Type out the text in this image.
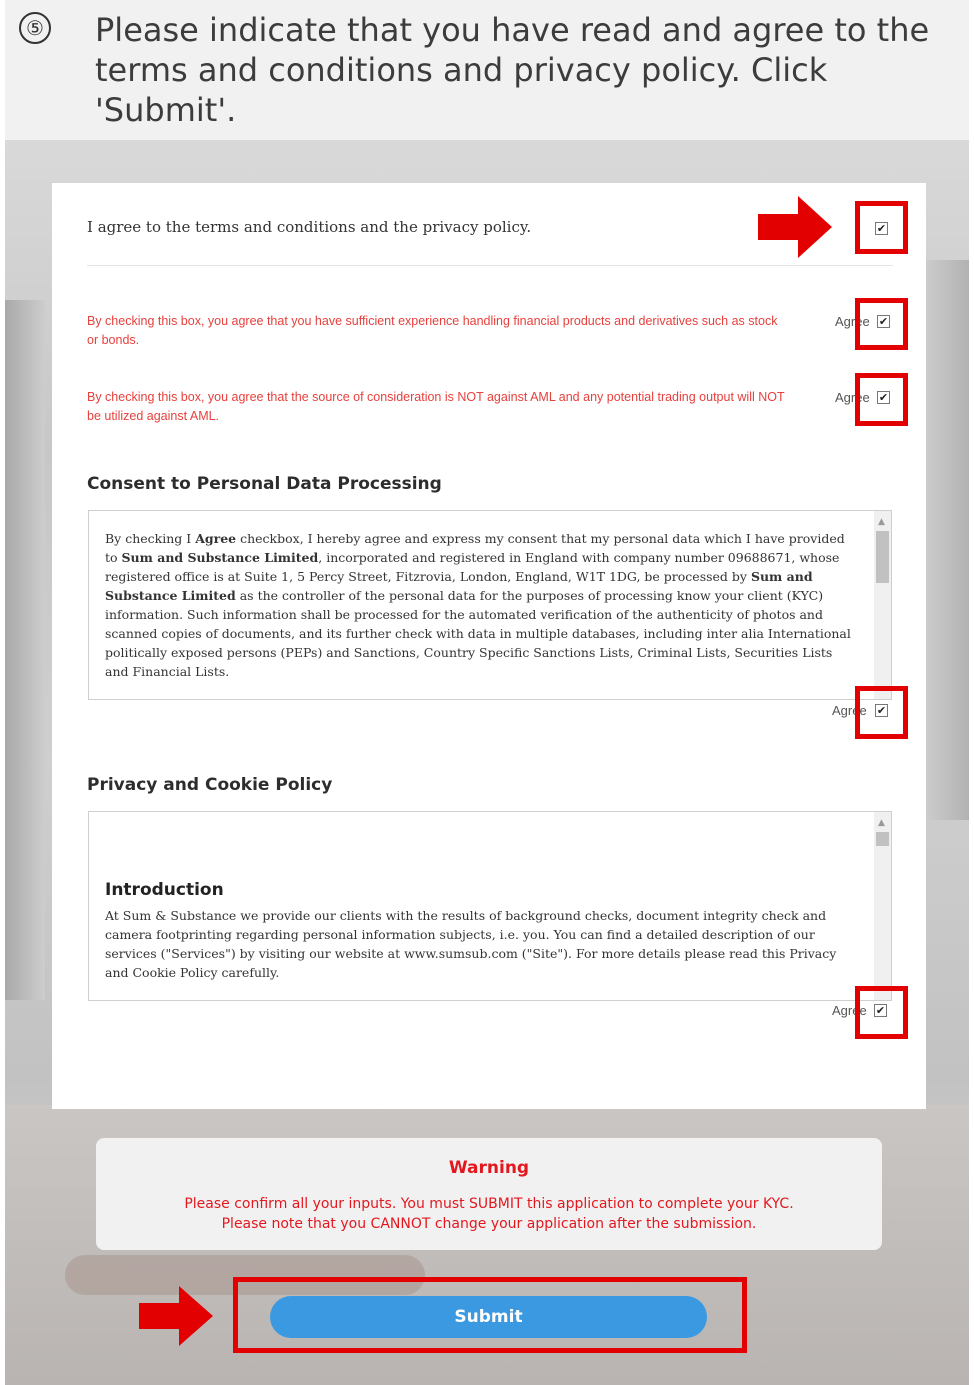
⑤ Please indicate that you have read and agree to the terms and conditions and privacy policy. Click 'Submit'.
I agree to the terms and conditions and the privacy policy.	✔
By checking this box, you agree that you have sufficient experience handling financial products and derivatives such as stock or bonds.
Agree ✔
By checking this box, you agree that the source of consideration is NOT against AML and any potential trading output will NOT be utilized against AML.
Agree ✔
Consent to Personal Data Processing

By checking I Agree checkbox, I hereby agree and express my consent that my personal data which I have provided to Sum and Substance Limited, incorporated and registered in England with company number 09688671, whose registered office is at Suite 1, 5 Percy Street, Fitzrovia, London, England, W1T 1DG, be processed by Sum and Substance Limited as the controller of the personal data for the purposes of processing know your client (KYC) information. Such information shall be processed for the automated verification of the authenticity of photos and scanned copies of documents, and its further check with data in multiple databases, including inter alia International politically exposed persons (PEPs) and Sanctions, Country Specific Sanctions Lists, Criminal Lists, Securities Lists and Financial Lists.

▲
Agree ✔
Privacy and Cookie Policy
Introduction

At Sum & Substance we provide our clients with the results of background checks, document integrity check and camera footprinting regarding personal information subjects, i.e. you. You can find a detailed description of our services ("Services") by visiting our website at www.sumsub.com ("Site"). For more details please read this Privacy and Cookie Policy carefully.

▲
Agree ✔
Warning
Please confirm all your inputs. You must SUBMIT this application to complete your KYC.
Please note that you CANNOT change your application after the submission.
Submit
